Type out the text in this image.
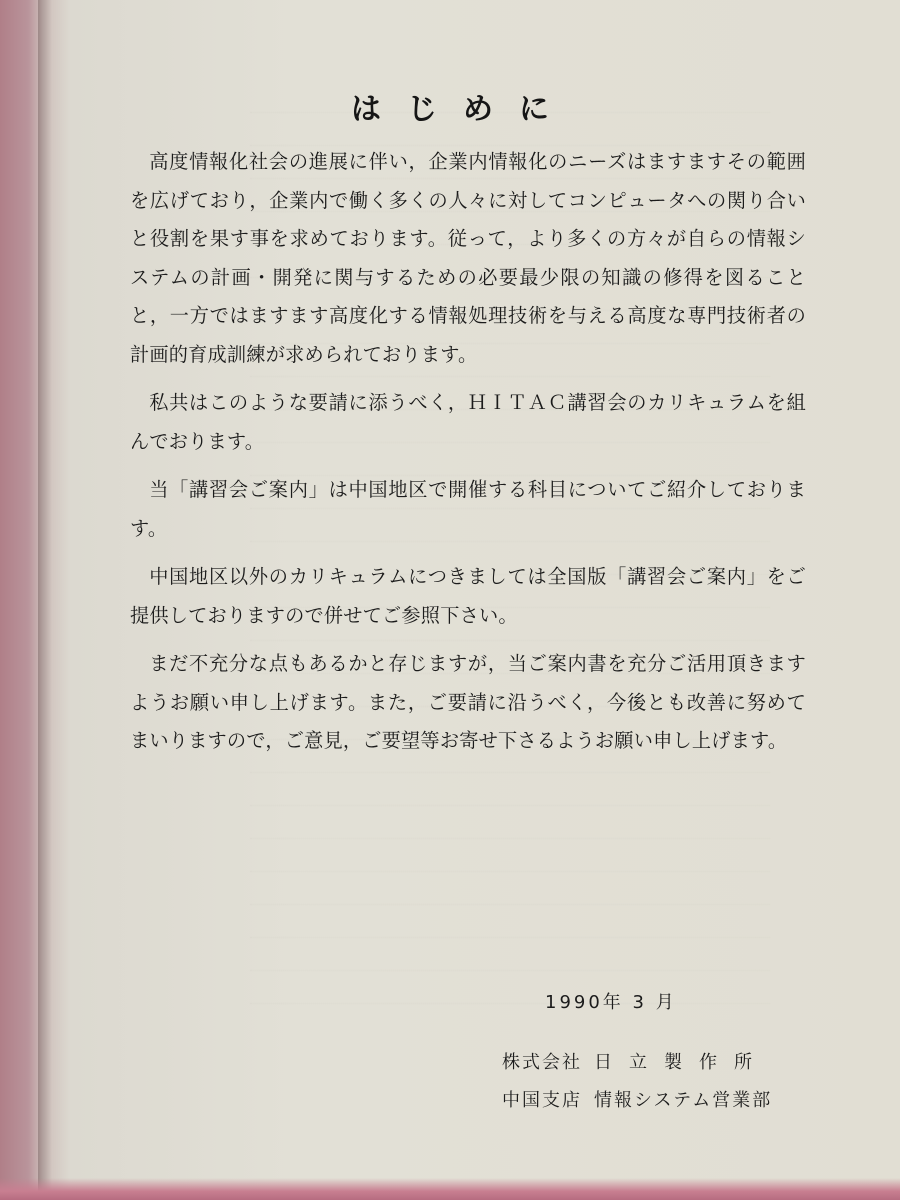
はじめに

高度情報化社会の進展に伴い，企業内情報化のニーズはますますその範囲を広げており，企業内で働く多くの人々に対してコンピュータへの関り合いと役割を果す事を求めております。従って，より多くの方々が自らの情報システムの計画・開発に関与するための必要最少限の知識の修得を図ることと，一方ではますます高度化する情報処理技術を与える高度な専門技術者の計画的育成訓練が求められております。

私共はこのような要請に添うべく，ＨＩＴＡＣ講習会のカリキュラムを組んでおります。

当「講習会ご案内」は中国地区で開催する科目についてご紹介しております。

中国地区以外のカリキュラムにつきましては全国版「講習会ご案内」をご提供しておりますので併せてご参照下さい。

まだ不充分な点もあるかと存じますが，当ご案内書を充分ご活用頂きますようお願い申し上げます。また，ご要請に沿うべく，今後とも改善に努めてまいりますので，ご意見，ご要望等お寄せ下さるようお願い申し上げます。

1990年 3 月
株式会社 日立製作所
中国支店 情報システム営業部
